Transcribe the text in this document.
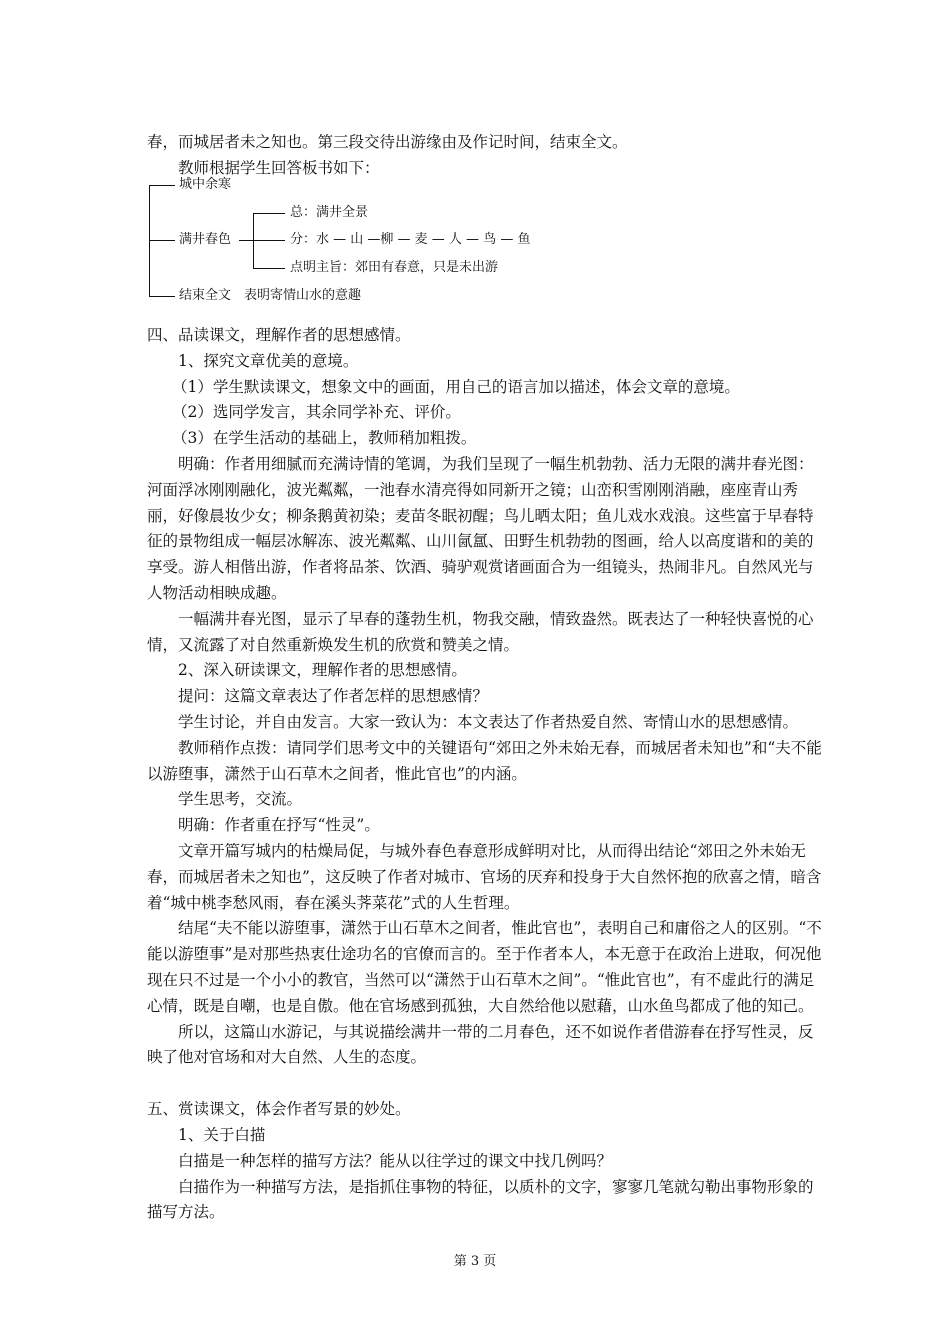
春，而城居者未之知也。第三段交待出游缘由及作记时间，结束全文。

教师根据学生回答板书如下：

城中余寒
满井春色
结束全文　表明寄情山水的意趣
总：满井全景
分：水 — 山 —柳 — 麦 — 人 — 鸟 — 鱼
点明主旨：郊田有春意，只是未出游

四、品读课文，理解作者的思想感情。

1、探究文章优美的意境。

（1）学生默读课文，想象文中的画面，用自己的语言加以描述，体会文章的意境。

（2）选同学发言，其余同学补充、评价。

（3）在学生活动的基础上，教师稍加粗拨。

明确：作者用细腻而充满诗情的笔调，为我们呈现了一幅生机勃勃、活力无限的满井春光图：河面浮冰刚刚融化，波光粼粼，一池春水清亮得如同新开之镜；山峦积雪刚刚消融，座座青山秀丽，好像晨妆少女；柳条鹅黄初染；麦苗冬眠初醒；鸟儿晒太阳；鱼儿戏水戏浪。这些富于早春特征的景物组成一幅层冰解冻、波光粼粼、山川氤氲、田野生机勃勃的图画，给人以高度谐和的美的享受。游人相偕出游，作者将品茶、饮酒、骑驴观赏诸画面合为一组镜头，热闹非凡。自然风光与人物活动相映成趣。

一幅满井春光图，显示了早春的蓬勃生机，物我交融，情致盎然。既表达了一种轻快喜悦的心情，又流露了对自然重新焕发生机的欣赏和赞美之情。

2、深入研读课文，理解作者的思想感情。

提问：这篇文章表达了作者怎样的思想感情？

学生讨论，并自由发言。大家一致认为：本文表达了作者热爱自然、寄情山水的思想感情。

教师稍作点拨：请同学们思考文中的关键语句“郊田之外未始无春，而城居者未知也”和“夫不能以游堕事，潇然于山石草木之间者，惟此官也”的内涵。

学生思考，交流。

明确：作者重在抒写“性灵”。

文章开篇写城内的枯燥局促，与城外春色春意形成鲜明对比，从而得出结论“郊田之外未始无春，而城居者未之知也”，这反映了作者对城市、官场的厌弃和投身于大自然怀抱的欣喜之情，暗含着“城中桃李愁风雨，春在溪头荠菜花”式的人生哲理。

结尾“夫不能以游堕事，潇然于山石草木之间者，惟此官也”，表明自己和庸俗之人的区别。“不能以游堕事”是对那些热衷仕途功名的官僚而言的。至于作者本人，本无意于在政治上进取，何况他现在只不过是一个小小的教官，当然可以“潇然于山石草木之间”。“惟此官也”，有不虚此行的满足心情，既是自嘲，也是自傲。他在官场感到孤独，大自然给他以慰藉，山水鱼鸟都成了他的知己。

所以，这篇山水游记，与其说描绘满井一带的二月春色，还不如说作者借游春在抒写性灵，反映了他对官场和对大自然、人生的态度。

五、赏读课文，体会作者写景的妙处。

1、关于白描

白描是一种怎样的描写方法？能从以往学过的课文中找几例吗？

白描作为一种描写方法，是指抓住事物的特征，以质朴的文字，寥寥几笔就勾勒出事物形象的描写方法。

第 3 页
